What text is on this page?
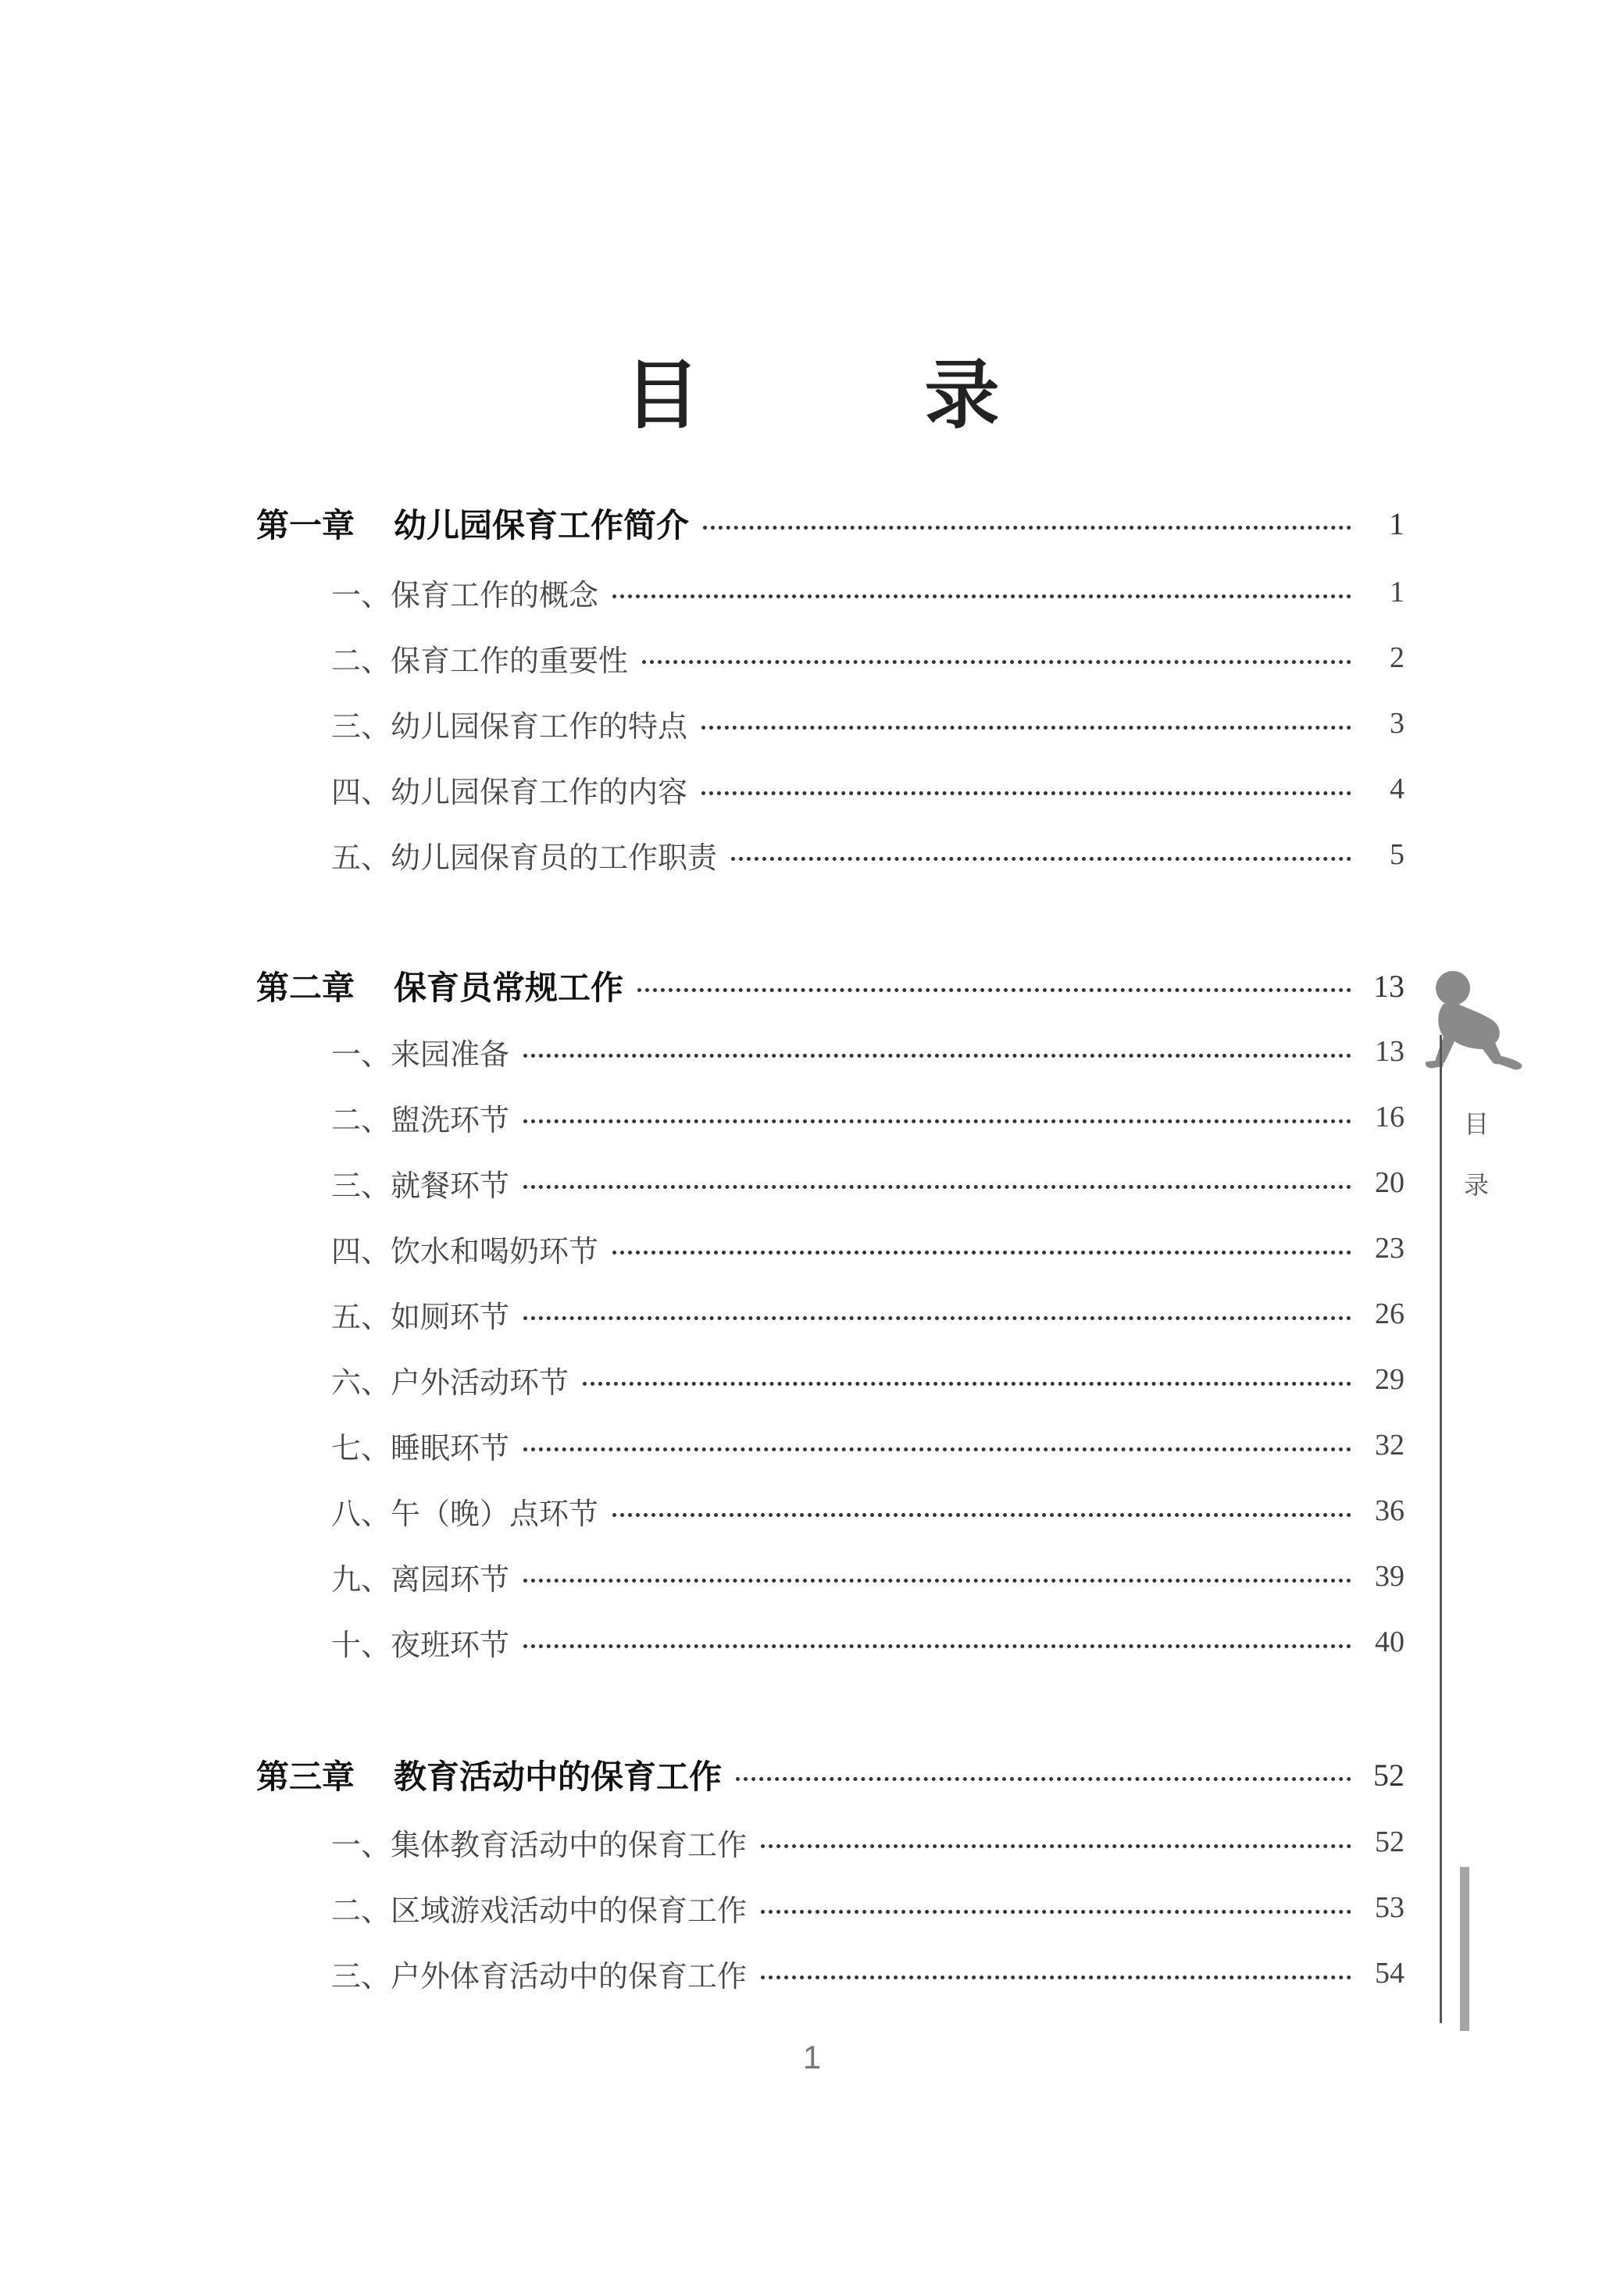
目　录
第一章 幼儿园保育工作简介	1
一、保育工作的概念	1
二、保育工作的重要性	2
三、幼儿园保育工作的特点	3
四、幼儿园保育工作的内容	4
五、幼儿园保育员的工作职责	5
第二章 保育员常规工作	13
一、来园准备	13
二、盥洗环节	16
三、就餐环节	20
四、饮水和喝奶环节	23
五、如厕环节	26
六、户外活动环节	29
七、睡眠环节	32
八、午（晚）点环节	36
九、离园环节	39
十、夜班环节	40
第三章 教育活动中的保育工作	52
一、集体教育活动中的保育工作	52
二、区域游戏活动中的保育工作	53
三、户外体育活动中的保育工作	54
目
录
1
